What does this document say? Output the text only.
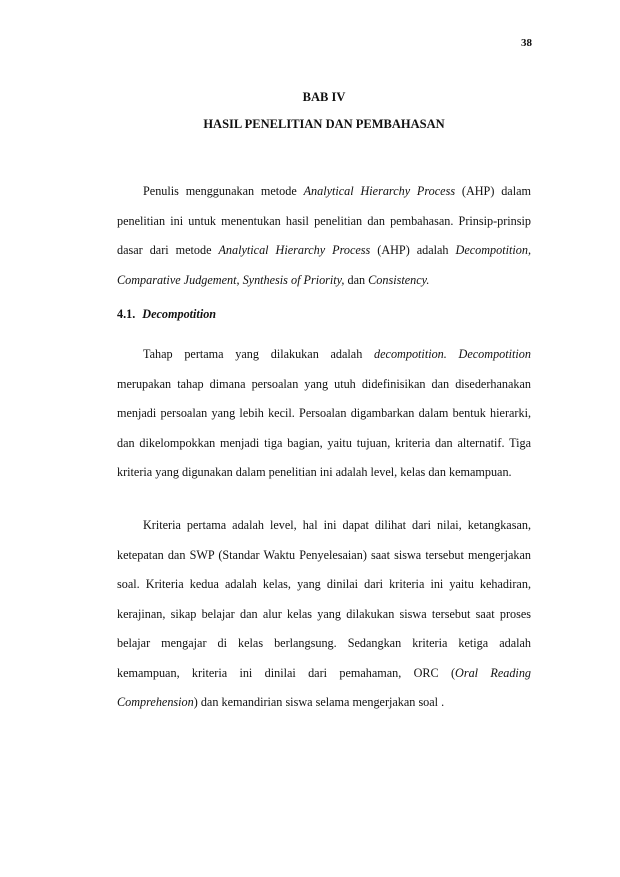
38
BAB IV
HASIL PENELITIAN DAN PEMBAHASAN

Penulis menggunakan metode Analytical Hierarchy Process (AHP) dalam penelitian ini untuk menentukan hasil penelitian dan pembahasan. Prinsip-prinsip dasar dari metode Analytical Hierarchy Process (AHP) adalah Decompotition, Comparative Judgement, Synthesis of Priority, dan Consistency.

4.1. Decompotition

Tahap pertama yang dilakukan adalah decompotition. Decompotition merupakan tahap dimana persoalan yang utuh didefinisikan dan disederhanakan menjadi persoalan yang lebih kecil. Persoalan digambarkan dalam bentuk hierarki, dan dikelompokkan menjadi tiga bagian, yaitu tujuan, kriteria dan alternatif. Tiga kriteria yang digunakan dalam penelitian ini adalah level, kelas dan kemampuan.

Kriteria pertama adalah level, hal ini dapat dilihat dari nilai, ketangkasan, ketepatan dan SWP (Standar Waktu Penyelesaian) saat siswa tersebut mengerjakan soal. Kriteria kedua adalah kelas, yang dinilai dari kriteria ini yaitu kehadiran, kerajinan, sikap belajar dan alur kelas yang dilakukan siswa tersebut saat proses belajar mengajar di kelas berlangsung. Sedangkan kriteria ketiga adalah kemampuan, kriteria ini dinilai dari pemahaman, ORC (Oral Reading Comprehension) dan kemandirian siswa selama mengerjakan soal .
